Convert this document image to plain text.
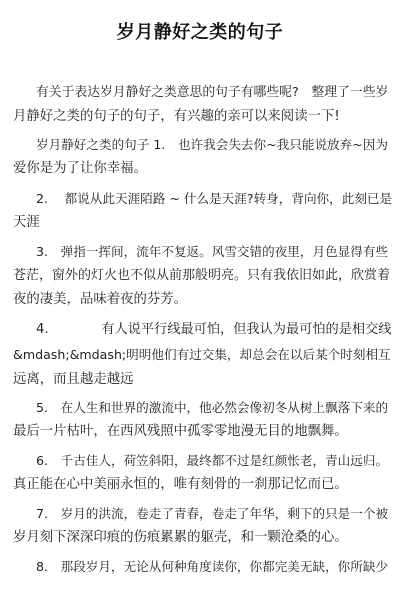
岁月静好之类的句子
有关于表达岁月静好之类意思的句子有哪些呢?　整理了一些岁
月静好之类的句子的句子，有兴趣的亲可以来阅读一下!
岁月静好之类的句子 1.　也许我会失去你~我只能说放弃~因为
爱你是为了让你幸福。
2.　 都说从此天涯陌路 ~ 什么是天涯?转身，背向你，此刻已是
天涯
3.　弹指一挥间，流年不复返。风雪交错的夜里，月色显得有些
苍茫，窗外的灯火也不似从前那般明亮。只有我依旧如此，欣赏着
夜的凄美，品味着夜的芬芳。
4.　　　　有人说平行线最可怕，但我认为最可怕的是相交线
&mdash;&mdash;明明他们有过交集，却总会在以后某个时刻相互
远离，而且越走越远
5.　在人生和世界的激流中，他必然会像初冬从树上飘落下来的
最后一片枯叶，在西风残照中孤零零地漫无目的地飘舞。
6.　千古佳人，荷笠斜阳，最终都不过是红颜怅老，青山远归。
真正能在心中美丽永恒的，唯有刻骨的一刹那记忆而已。
7.　岁月的洪流，卷走了青春，卷走了年华，剩下的只是一个被
岁月刻下深深印痕的伤痕累累的躯壳，和一颗沧桑的心。
8.　那段岁月，无论从何种角度读你，你都完美无缺，你所缺少
